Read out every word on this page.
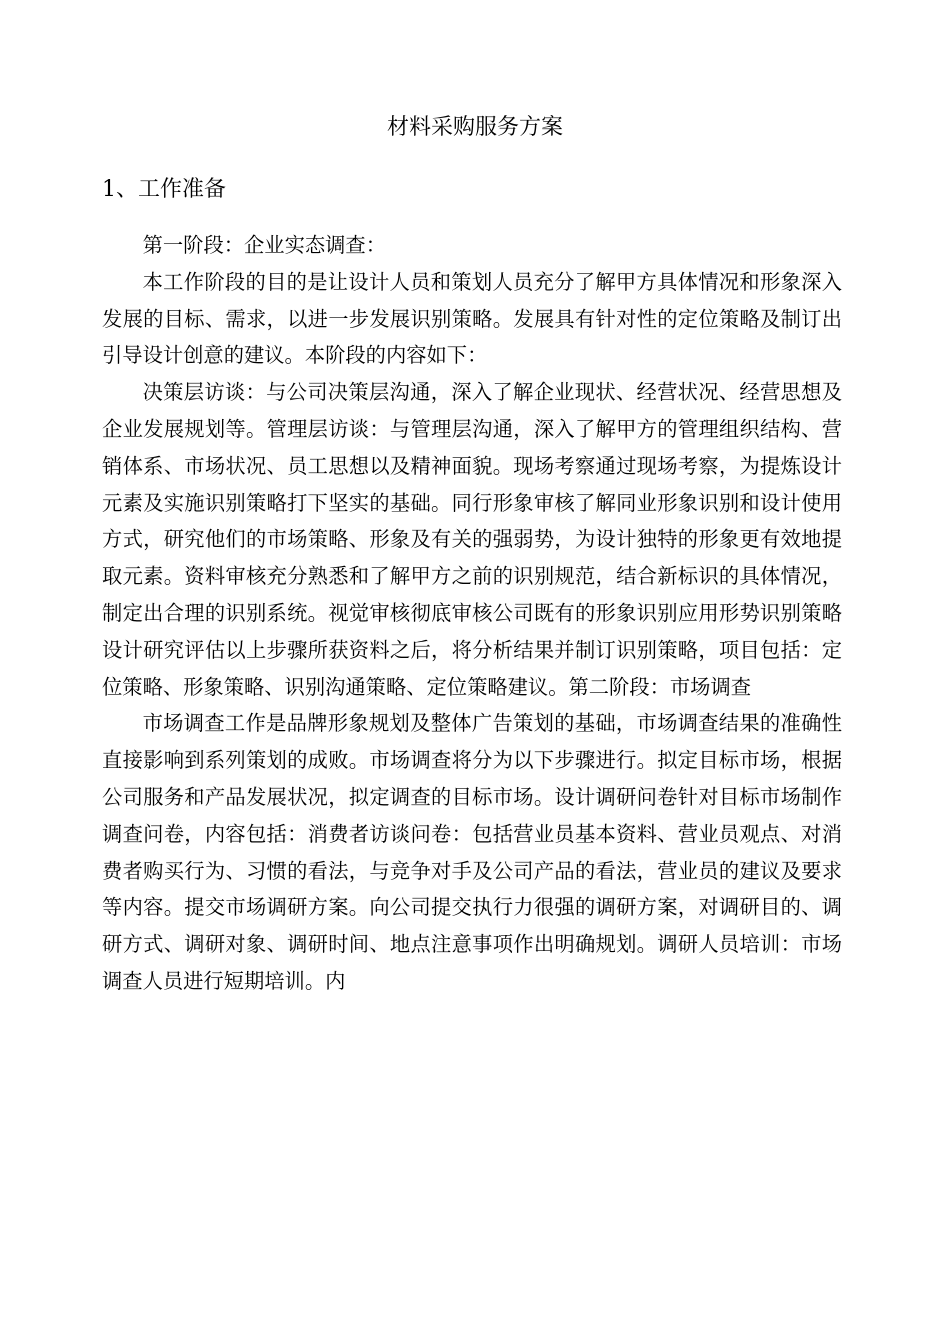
材料采购服务方案
1、工作准备

第一阶段：企业实态调查：

本工作阶段的目的是让设计人员和策划人员充分了解甲方具体情况和形象深入发展的目标、需求，以进一步发展识别策略。发展具有针对性的定位策略及制订出引导设计创意的建议。本阶段的内容如下：

决策层访谈：与公司决策层沟通，深入了解企业现状、经营状况、经营思想及企业发展规划等。管理层访谈：与管理层沟通，深入了解甲方的管理组织结构、营销体系、市场状况、员工思想以及精神面貌。现场考察通过现场考察，为提炼设计元素及实施识别策略打下坚实的基础。同行形象审核了解同业形象识别和设计使用方式，研究他们的市场策略、形象及有关的强弱势，为设计独特的形象更有效地提取元素。资料审核充分熟悉和了解甲方之前的识别规范，结合新标识的具体情况，制定出合理的识别系统。视觉审核彻底审核公司既有的形象识别应用形势识别策略设计研究评估以上步骤所获资料之后，将分析结果并制订识别策略，项目包括：定位策略、形象策略、识别沟通策略、定位策略建议。第二阶段：市场调查

市场调查工作是品牌形象规划及整体广告策划的基础，市场调查结果的准确性直接影响到系列策划的成败。市场调查将分为以下步骤进行。拟定目标市场，根据公司服务和产品发展状况，拟定调查的目标市场。设计调研问卷针对目标市场制作调查问卷，内容包括：消费者访谈问卷：包括营业员基本资料、营业员观点、对消费者购买行为、习惯的看法，与竞争对手及公司产品的看法，营业员的建议及要求等内容。提交市场调研方案。向公司提交执行力很强的调研方案，对调研目的、调研方式、调研对象、调研时间、地点注意事项作出明确规划。调研人员培训：市场调查人员进行短期培训。内
